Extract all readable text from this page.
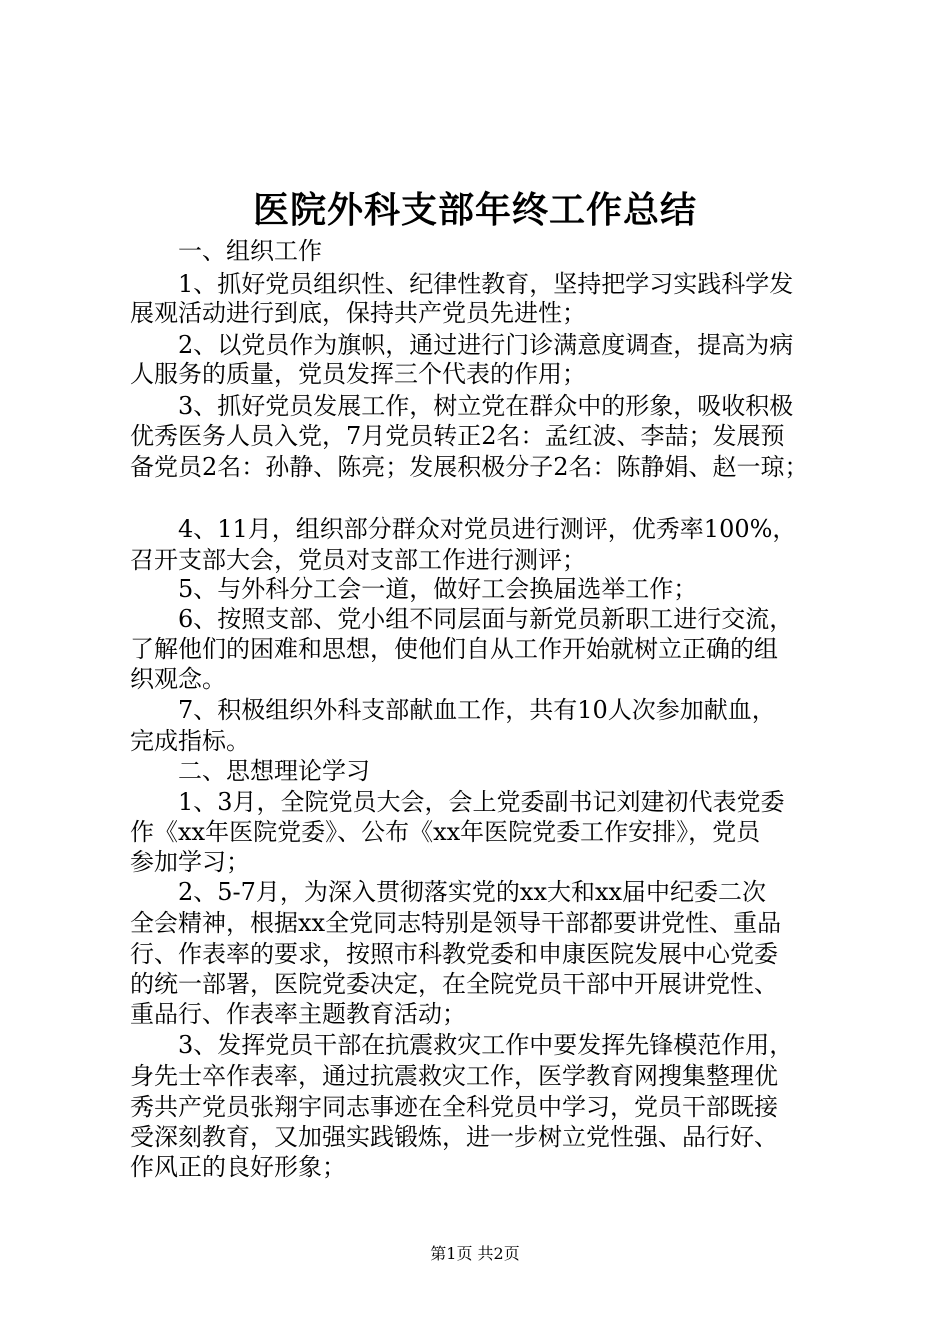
医院外科支部年终工作总结
一、组织工作
1、抓好党员组织性、纪律性教育，坚持把学习实践科学发
展观活动进行到底，保持共产党员先进性；
2、以党员作为旗帜，通过进行门诊满意度调查，提高为病
人服务的质量，党员发挥三个代表的作用；
3、抓好党员发展工作，树立党在群众中的形象，吸收积极
优秀医务人员入党，7月党员转正2名：孟红波、李喆；发展预
备党员2名：孙静、陈亮；发展积极分子2名：陈静娟、赵一琼；
4、11月，组织部分群众对党员进行测评，优秀率100%，
召开支部大会，党员对支部工作进行测评；
5、与外科分工会一道，做好工会换届选举工作；
6、按照支部、党小组不同层面与新党员新职工进行交流，
了解他们的困难和思想，使他们自从工作开始就树立正确的组
织观念。
7、积极组织外科支部献血工作，共有10人次参加献血，
完成指标。
二、思想理论学习
1、3月，全院党员大会，会上党委副书记刘建初代表党委
作《xx年医院党委》、公布《xx年医院党委工作安排》，党员
参加学习；
2、5-7月，为深入贯彻落实党的xx大和xx届中纪委二次
全会精神，根据xx全党同志特别是领导干部都要讲党性、重品
行、作表率的要求，按照市科教党委和申康医院发展中心党委
的统一部署，医院党委决定，在全院党员干部中开展讲党性、
重品行、作表率主题教育活动；
3、发挥党员干部在抗震救灾工作中要发挥先锋模范作用，
身先士卒作表率，通过抗震救灾工作，医学教育网搜集整理优
秀共产党员张翔宇同志事迹在全科党员中学习，党员干部既接
受深刻教育，又加强实践锻炼，进一步树立党性强、品行好、
作风正的良好形象；
第1页 共2页
